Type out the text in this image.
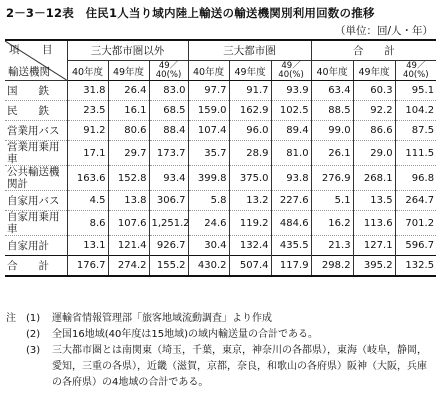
2－3－12表　住民1人当り域内陸上輸送の輸送機関別利用回数の推移
（単位：回/人・年）
項　目
輸送機関	三大都市圏以外			三大都市圏			合　　計		
	40年度	49年度	49／40(%)	40年度	49年度	49／40(%)	40年度	49年度	49／40(%)
国　　鉄	31.8	26.4	83.0	97.7	91.7	93.9	63.4	60.3	95.1
民　　鉄	23.5	16.1	68.5	159.0	162.9	102.5	88.5	92.2	104.2
営業用バス	91.2	80.6	88.4	107.4	96.0	89.4	99.0	86.6	87.5
営業用乗用車	17.1	29.7	173.7	35.7	28.9	81.0	26.1	29.0	111.5
公共輸送機関計	163.6	152.8	93.4	399.8	375.0	93.8	276.9	268.1	96.8
自家用バス	4.5	13.8	306.7	5.8	13.2	227.6	5.1	13.5	264.7
自家用乗用車	8.6	107.6	1,251.2	24.6	119.2	484.6	16.2	113.6	701.2
自家用計	13.1	121.4	926.7	30.4	132.4	435.5	21.3	127.1	596.7
合　　計	176.7	274.2	155.2	430.2	507.4	117.9	298.2	395.2	132.5
注	(1)	運輸省情報管理部「旅客地域流動調査」より作成
(2)	全国16地域(40年度は15地域)の域内輸送量の合計である。
(3)	三大都市圏とは南関東（埼玉，千葉，東京，神奈川の各都県），東海（岐阜，静岡，愛知，三重の各県），近畿（滋賀，京都，奈良，和歌山の各府県）阪神（大阪，兵庫の各府県）の4地域の合計である。
